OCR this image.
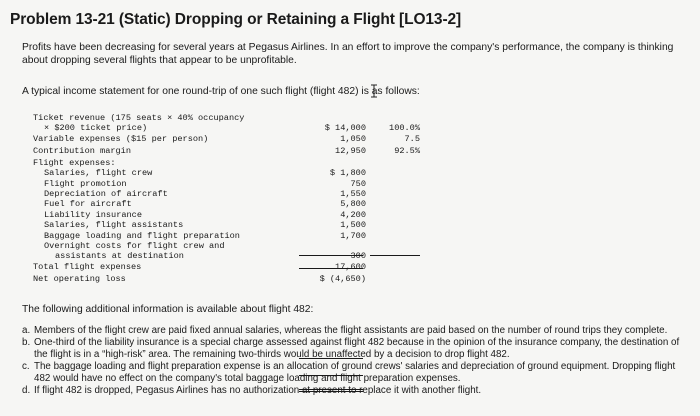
Problem 13-21 (Static) Dropping or Retaining a Flight [LO13-2]
Profits have been decreasing for several years at Pegasus Airlines. In an effort to improve the company's performance, the company is thinking about dropping several flights that appear to be unprofitable.
A typical income statement for one round-trip of one such flight (flight 482) is as follows:
Ticket revenue (175 seats × 40% occupancy
× $200 ticket price)	$ 14,000	100.0%
Variable expenses ($15 per person)	1,050	7.5
Contribution margin	12,950	92.5%
Flight expenses:
Salaries, flight crew	$ 1,800
Flight promotion	750
Depreciation of aircraft	1,550
Fuel for aircraft	5,800
Liability insurance	4,200
Salaries, flight assistants	1,500
Baggage loading and flight preparation	1,700
Overnight costs for flight crew and
assistants at destination	300
Total flight expenses	17,600
Net operating loss	$ (4,650)
The following additional information is available about flight 482:
a. Members of the flight crew are paid fixed annual salaries, whereas the flight assistants are paid based on the number of round trips they complete.
b. One-third of the liability insurance is a special charge assessed against flight 482 because in the opinion of the insurance company, the destination of the flight is in a “high-risk” area. The remaining two-thirds would be unaffected by a decision to drop flight 482.
c. The baggage loading and flight preparation expense is an allocation of ground crews' salaries and depreciation of ground equipment. Dropping flight 482 would have no effect on the company's total baggage loading and flight preparation expenses.
d. If flight 482 is dropped, Pegasus Airlines has no authorization at present to replace it with another flight.
